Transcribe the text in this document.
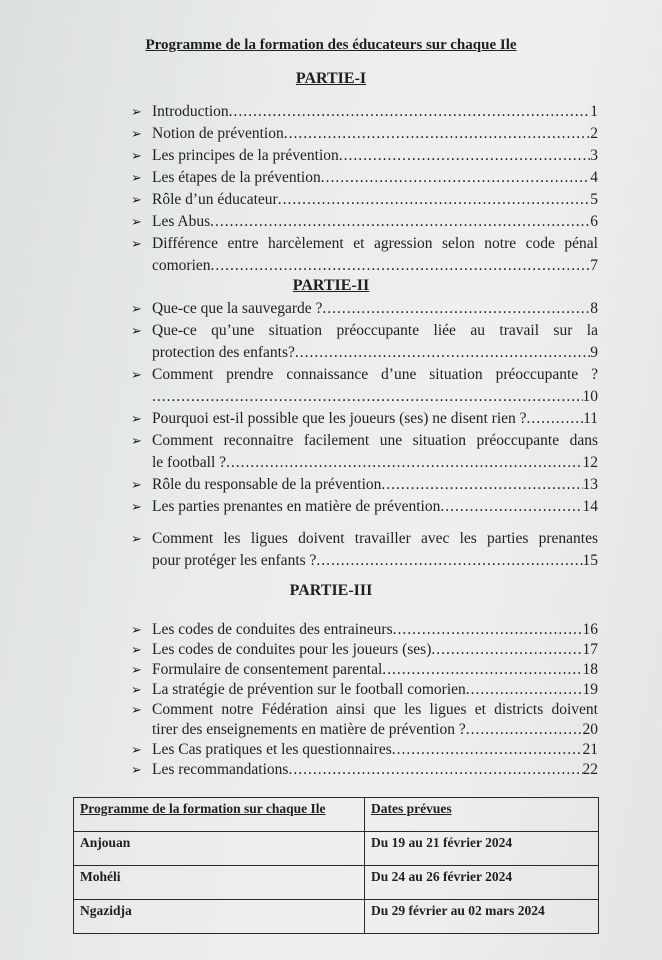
Programme de la formation des éducateurs sur chaque Ile
PARTIE-I
➢ Introduction .....	1
➢ Notion de prévention .....	.2
➢ Les principes de la prévention .....	3
➢ Les étapes de la prévention .....	4
➢ Rôle d’un éducateur .....	5
➢ Les Abus .....	6
➢ Différence entre harcèlement et agression selon notre code pénal
comorien .....	7
PARTIE-II
➢ Que-ce que la sauvegarde ? .....	8
➢ Que-ce qu’une situation préoccupante liée au travail sur la
protection des enfants? .....	9
➢ Comment prendre connaissance d’une situation préoccupante ?
.....
10
➢ Pourquoi est-il possible que les joueurs (ses) ne disent rien ? .....	11
➢ Comment reconnaitre facilement une situation préoccupante dans
le football ? .....	12
➢ Rôle du responsable de la prévention .....	13
➢ Les parties prenantes en matière de prévention .....	14
➢ Comment les ligues doivent travailler avec les parties prenantes
pour protéger les enfants ? .....	15
PARTIE-III
➢ Les codes de conduites des entraineurs .....	16
➢ Les codes de conduites pour les joueurs (ses) .....	17
➢ Formulaire de consentement parental .....	18
➢ La stratégie de prévention sur le football comorien .....	19
➢ Comment notre Fédération ainsi que les ligues et districts doivent
tirer des enseignements en matière de prévention ? .....	20
➢ Les Cas pratiques et les questionnaires .....	21
➢ Les recommandations .....	22
Programme de la formation sur chaque Ile	Dates prévues
Anjouan	Du 19 au 21 février 2024
Mohéli	Du 24 au 26 février 2024
Ngazidja	Du 29 février au 02 mars 2024
